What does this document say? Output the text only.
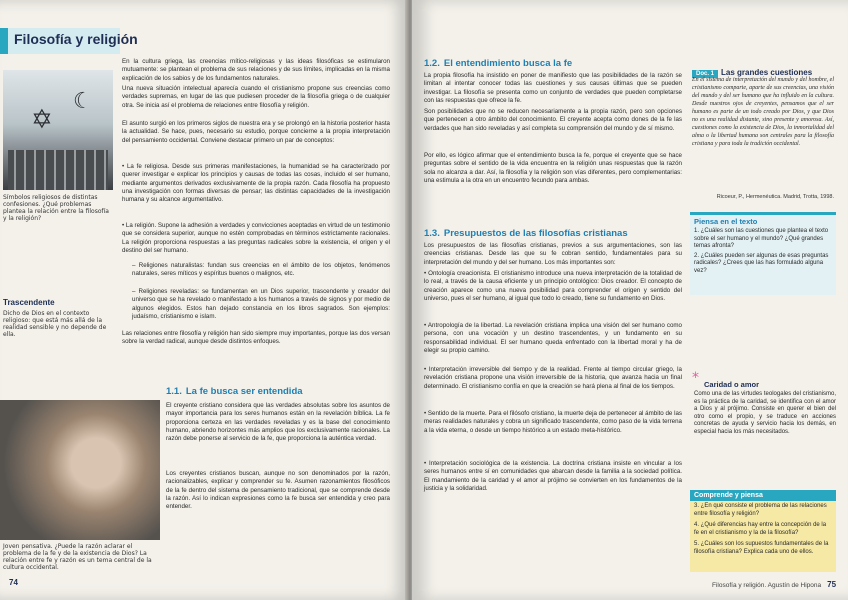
Filosofía y religión
✡
☾
Símbolos religiosos de distintas confesiones. ¿Qué problemas plantea la relación entre la filosofía y la religión?
Trascendente
Dicho de Dios en el contexto religioso: que está más allá de la realidad sensible y no depende de ella.
Joven pensativa. ¿Puede la razón aclarar el problema de la fe y de la existencia de Dios? La relación entre fe y razón es un tema central de la cultura occidental.

En la cultura griega, las creencias mítico-religiosas y las ideas filosóficas se estimularon mutuamente: se plantean el problema de sus relaciones y de sus límites, implicadas en la misma explicación de los sabios y de los fundamentos naturales.

Una nueva situación intelectual aparecía cuando el cristianismo propone sus creencias como verdades supremas, en lugar de las que pudiesen proceder de la filosofía griega o de cualquier otra. Se inicia así el problema de relaciones entre filosofía y religión.

El asunto surgió en los primeros siglos de nuestra era y se prolongó en la historia posterior hasta la actualidad. Se hace, pues, necesario su estudio, porque concierne a la propia interpretación del pensamiento occidental. Conviene destacar primero un par de conceptos:

• La fe religiosa. Desde sus primeras manifestaciones, la humanidad se ha caracterizado por querer investigar e explicar los principios y causas de todas las cosas, incluido el ser humano, mediante argumentos derivados exclusivamente de la propia razón. Cada filosofía ha propuesto una investigación con formas diversas de pensar; las distintas capacidades de la investigación humana y su alcance argumentativo.

• La religión. Supone la adhesión a verdades y convicciones aceptadas en virtud de un testimonio que se considera superior, aunque no estén comprobadas en términos estrictamente racionales. La religión proporciona respuestas a las preguntas radicales sobre la existencia, el origen y el destino del ser humano.

– Religiones naturalistas: fundan sus creencias en el ámbito de los objetos, fenómenos naturales, seres míticos y espíritus buenos o malignos, etc.

– Religiones reveladas: se fundamentan en un Dios superior, trascendente y creador del universo que se ha revelado o manifestado a los humanos a través de signos y por medio de algunos elegidos. Estos han dejado constancia en los libros sagrados. Son ejemplos: judaísmo, cristianismo e islam.

Las relaciones entre filosofía y religión han sido siempre muy importantes, porque las dos versan sobre la verdad radical, aunque desde distintos enfoques.

1.1. La fe busca ser entendida

El creyente cristiano considera que las verdades absolutas sobre los asuntos de mayor importancia para los seres humanos están en la revelación bíblica. La fe proporciona certeza en las verdades reveladas y es la base del conocimiento humano, abriendo horizontes más amplios que los exclusivamente racionales. La razón debe ponerse al servicio de la fe, que proporciona la auténtica verdad.

Los creyentes cristianos buscan, aunque no son denominados por la razón, racionalizables, explicar y comprender su fe. Asumen razonamientos filosóficos de la fe dentro del sistema de pensamiento tradicional, que se comprende desde la razón. Así lo indican expresiones como la fe busca ser entendida y creo para entender.

74
1.2. El entendimiento busca la fe

La propia filosofía ha insistido en poner de manifiesto que las posibilidades de la razón se limitan al intentar conocer todas las cuestiones y sus causas últimas que se pueden investigar. La filosofía se presenta como un conjunto de verdades que pueden completarse con las respuestas que ofrece la fe.

Son posibilidades que no se reducen necesariamente a la propia razón, pero son opciones que pertenecen a otro ámbito del conocimiento. El creyente acepta como dones de la fe las verdades que han sido reveladas y así completa su comprensión del mundo y de sí mismo.

Por ello, es lógico afirmar que el entendimiento busca la fe, porque el creyente que se hace preguntas sobre el sentido de la vida encuentra en la religión unas respuestas que la razón sola no alcanza a dar. Así, la filosofía y la religión son vías diferentes, pero complementarias: una estimula a la otra en un encuentro fecundo para ambas.

1.3. Presupuestos de las filosofías cristianas

Los presupuestos de las filosofías cristianas, previos a sus argumentaciones, son las creencias cristianas. Desde las que su fe cobran sentido, fundamentales para su interpretación del mundo y del ser humano. Los más importantes son:

• Ontología creacionista. El cristianismo introduce una nueva interpretación de la totalidad de lo real, a través de la causa eficiente y un principio ontológico: Dios creador. El concepto de creación aparece como una nueva posibilidad para comprender el origen y sentido del universo, pues el ser humano, al igual que todo lo creado, tiene su fundamento en Dios.

• Antropología de la libertad. La revelación cristiana implica una visión del ser humano como persona, con una vocación y un destino trascendentes, y un fundamento en su responsabilidad individual. El ser humano queda enfrentado con la libertad moral y ha de elegir su propio camino.

• Interpretación irreversible del tiempo y de la realidad. Frente al tiempo circular griego, la revelación cristiana propone una visión irreversible de la historia, que avanza hacia un final determinado. El cristianismo confía en que la creación se hará plena al final de los tiempos.

• Sentido de la muerte. Para el filósofo cristiano, la muerte deja de pertenecer al ámbito de las meras realidades naturales y cobra un significado trascendente, como paso de la vida terrena a la vida eterna, o desde un tiempo histórico a un estado meta-histórico.

• Interpretación sociológica de la existencia. La doctrina cristiana insiste en vincular a los seres humanos entre sí en comunidades que abarcan desde la familia a la sociedad política. El mandamiento de la caridad y el amor al prójimo se convierten en los fundamentos de la justicia y la solidaridad.

Doc. 1 Las grandes cuestiones

En el sistema de interpretación del mundo y del hombre, el cristianismo comparte, aparte de sus creencias, una visión del mundo y del ser humano que ha influido en la cultura. Desde nuestros ojos de creyentes, pensamos que el ser humano es parte de un todo creado por Dios, y que Dios no es una realidad distante, sino presente y amorosa. Así, cuestiones como la existencia de Dios, la inmortalidad del alma o la libertad humana son centrales para la filosofía cristiana y para toda la tradición occidental.

Ricoeur, P., Hermenéutica. Madrid, Trotta, 1998.
Piensa en el texto

1. ¿Cuáles son las cuestiones que plantea el texto sobre el ser humano y el mundo? ¿Qué grandes temas afronta?

2. ¿Cuáles pueden ser algunas de esas preguntas radicales? ¿Crees que las has formulado alguna vez?

* Caridad o amor

Como una de las virtudes teologales del cristianismo, es la práctica de la caridad, se identifica con el amor a Dios y al prójimo. Consiste en querer el bien del otro como el propio, y se traduce en acciones concretas de ayuda y servicio hacia los demás, en especial hacia los más necesitados.

Comprende y piensa

3. ¿En qué consiste el problema de las relaciones entre filosofía y religión?

4. ¿Qué diferencias hay entre la concepción de la fe en el cristianismo y la de la filosofía?

5. ¿Cuáles son los supuestos fundamentales de la filosofía cristiana? Explica cada uno de ellos.

Filosofía y religión. Agustín de Hipona 75
